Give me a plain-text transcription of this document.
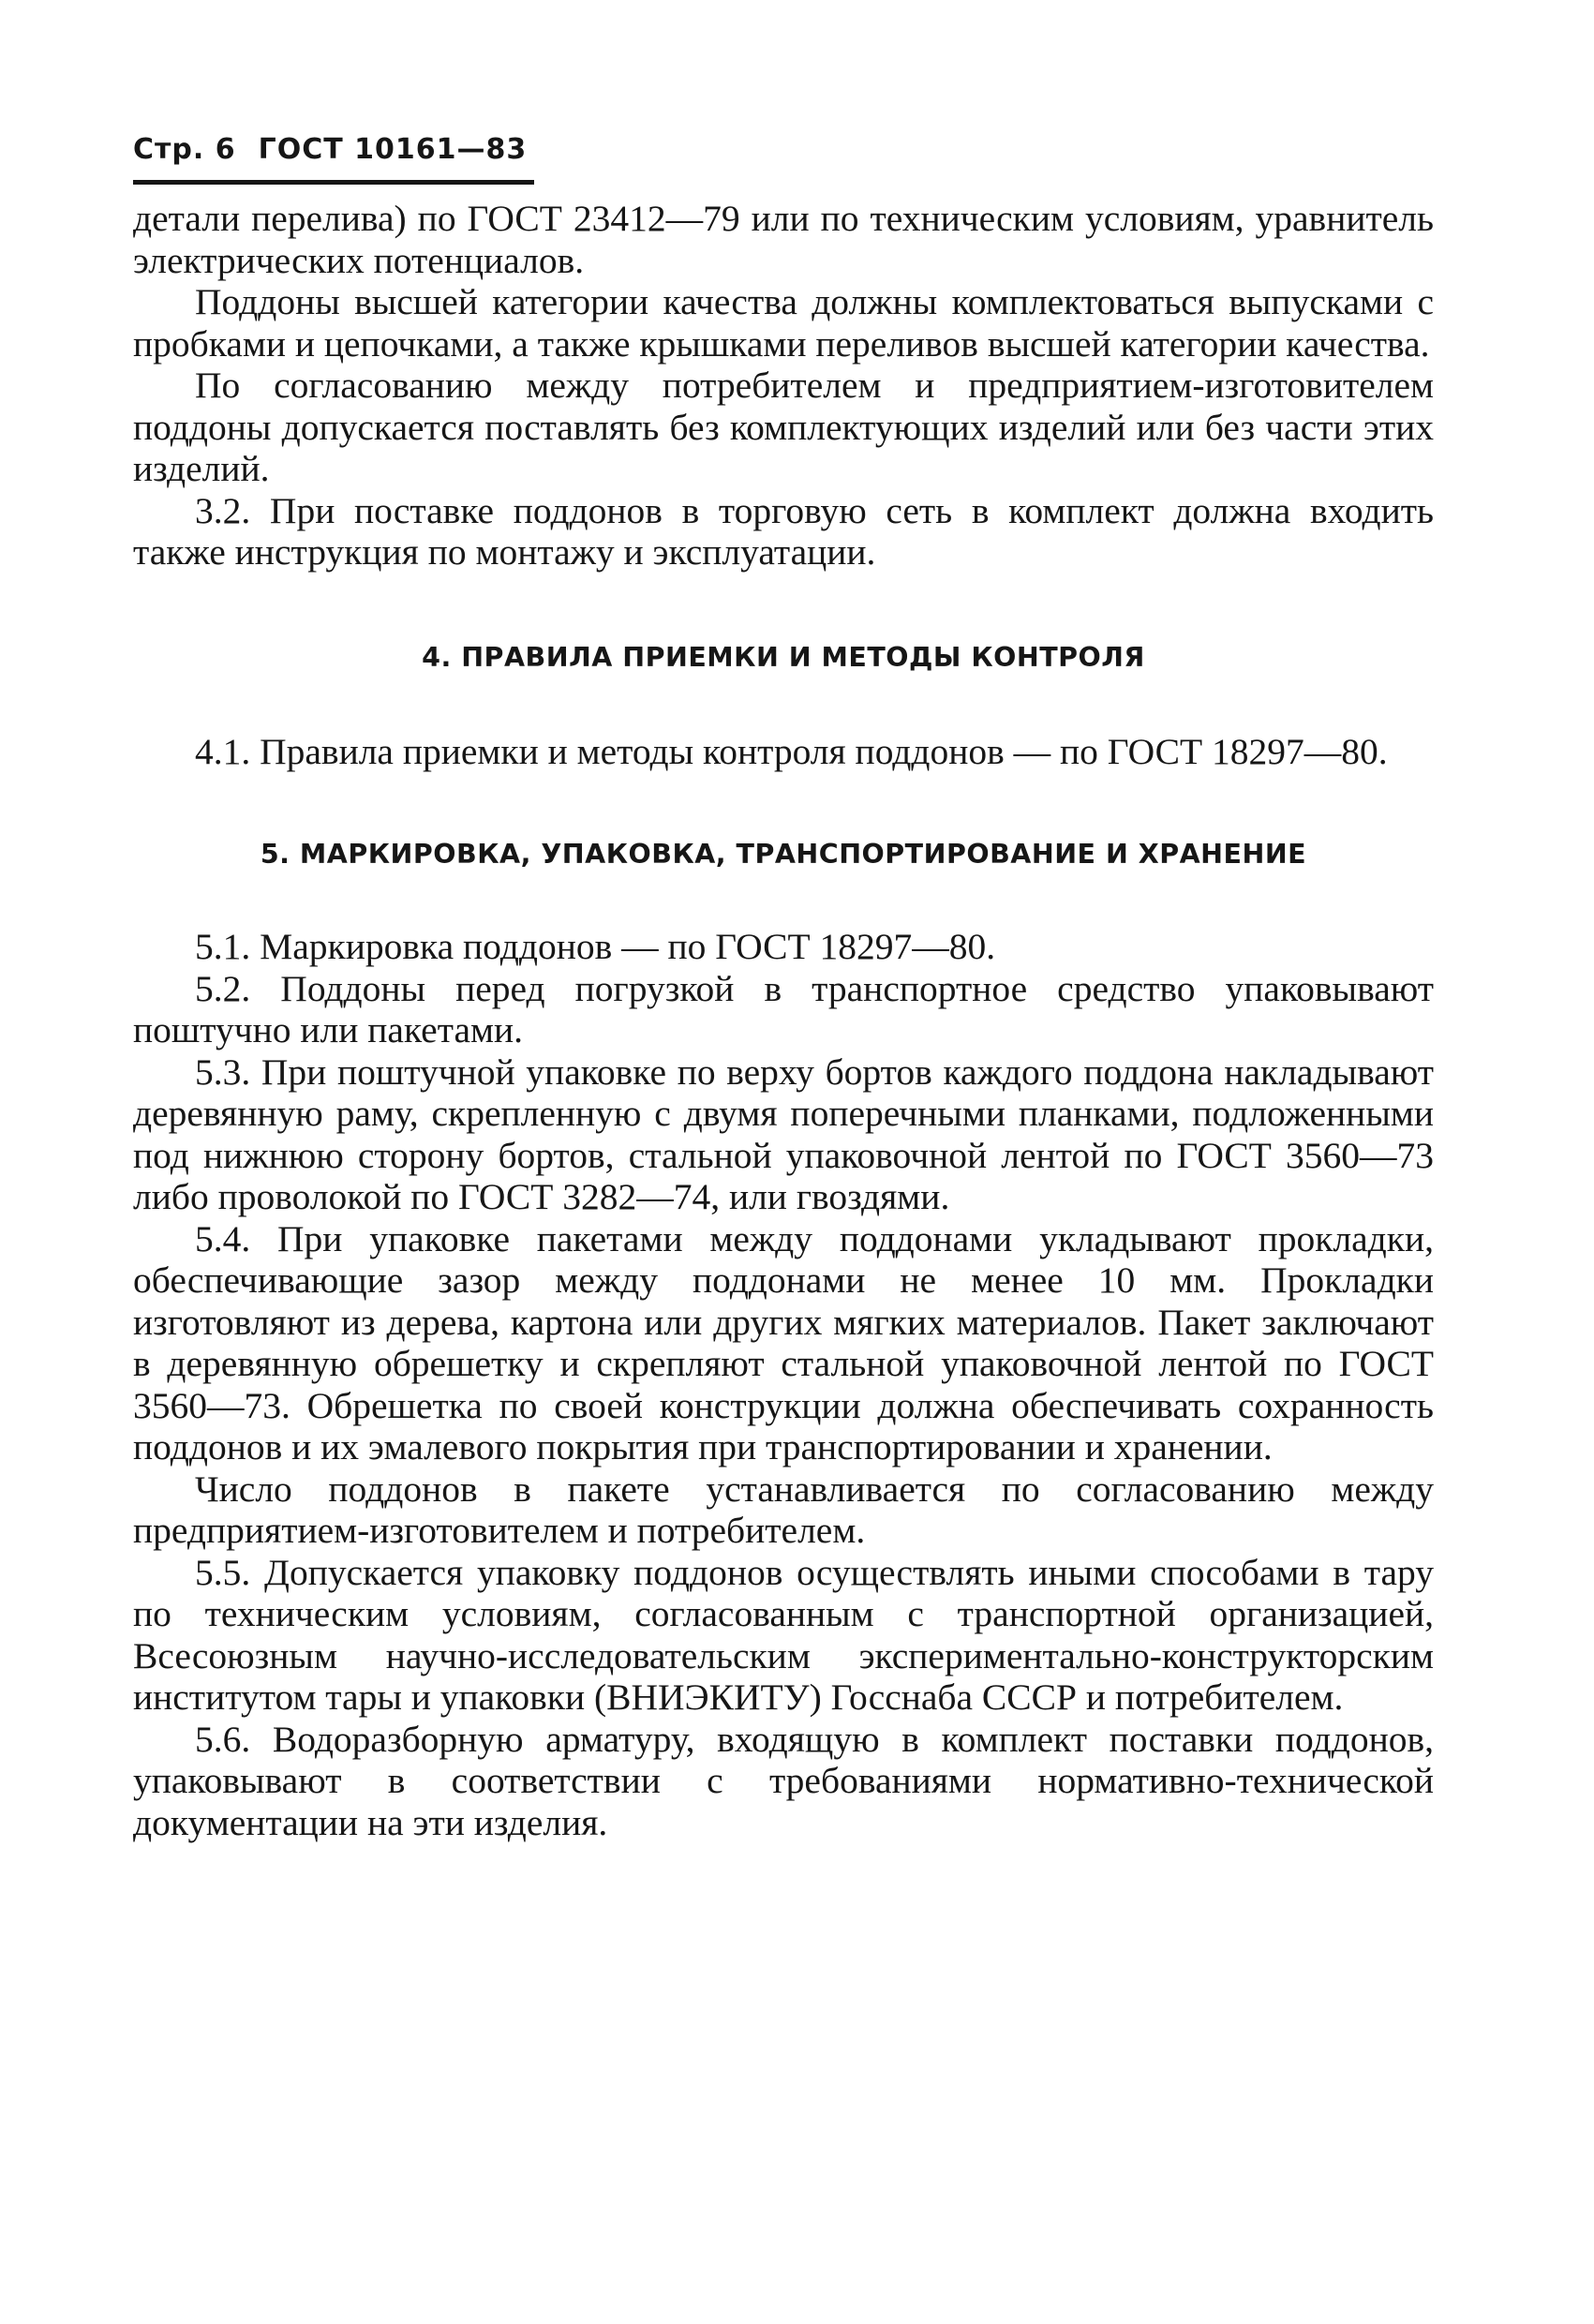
Стр. 6 ГОСТ 10161—83

детали перелива) по ГОСТ 23412—79 или по техническим условиям, уравнитель электрических потенциалов.

Поддоны высшей категории качества должны комплектоваться выпусками с пробками и цепочками, а также крышками переливов высшей категории качества.

По согласованию между потребителем и предприятием-изготовителем поддоны допускается поставлять без комплектующих изделий или без части этих изделий.

3.2. При поставке поддонов в торговую сеть в комплект должна входить также инструкция по монтажу и эксплуатации.

4. ПРАВИЛА ПРИЕМКИ И МЕТОДЫ КОНТРОЛЯ

4.1. Правила приемки и методы контроля поддонов — по ГОСТ 18297—80.

5. МАРКИРОВКА, УПАКОВКА, ТРАНСПОРТИРОВАНИЕ И ХРАНЕНИЕ

5.1. Маркировка поддонов — по ГОСТ 18297—80.

5.2. Поддоны перед погрузкой в транспортное средство упаковывают поштучно или пакетами.

5.3. При поштучной упаковке по верху бортов каждого поддона накладывают деревянную раму, скрепленную с двумя поперечными планками, подложенными под нижнюю сторону бортов, стальной упаковочной лентой по ГОСТ 3560—73 либо проволокой по ГОСТ 3282—74, или гвоздями.

5.4. При упаковке пакетами между поддонами укладывают прокладки, обеспечивающие зазор между поддонами не менее 10 мм. Прокладки изготовляют из дерева, картона или других мягких материалов. Пакет заключают в деревянную обрешетку и скрепляют стальной упаковочной лентой по ГОСТ 3560—73. Обрешетка по своей конструкции должна обеспечивать сохранность поддонов и их эмалевого покрытия при транспортировании и хранении.

Число поддонов в пакете устанавливается по согласованию между предприятием-изготовителем и потребителем.

5.5. Допускается упаковку поддонов осуществлять иными способами в тару по техническим условиям, согласованным с транспортной организацией, Всесоюзным научно-исследовательским экспериментально-конструкторским институтом тары и упаковки (ВНИЭКИТУ) Госснаба СССР и потребителем.

5.6. Водоразборную арматуру, входящую в комплект поставки поддонов, упаковывают в соответствии с требованиями нормативно-технической документации на эти изделия.
